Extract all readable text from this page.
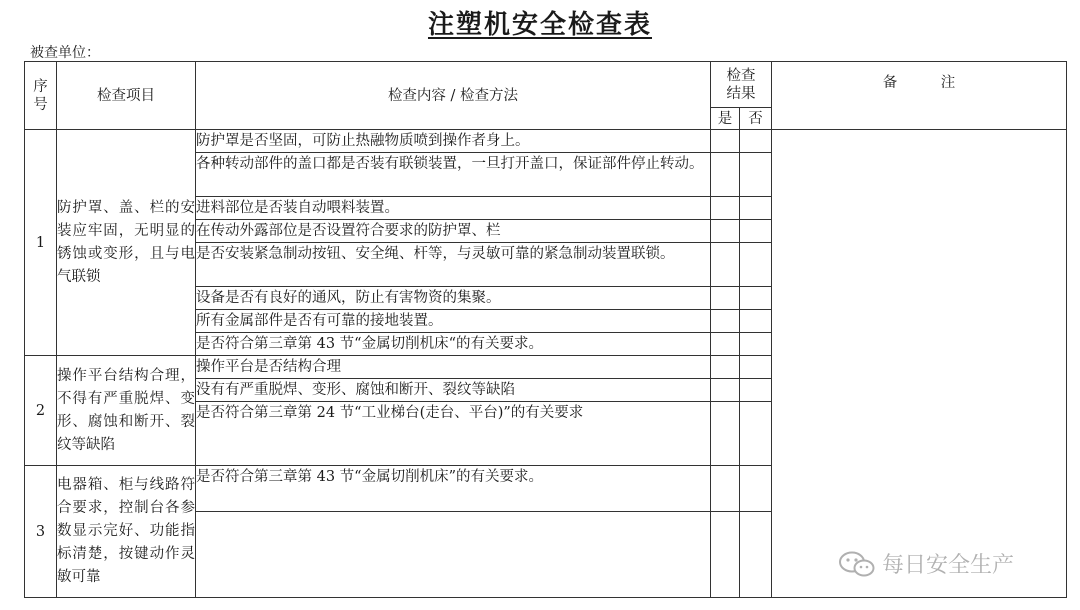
注塑机安全检查表
被查单位：
序号	检查项目	检查内容 / 检查方法	检查结果		备　　　注
			是	否	
1	防护罩、盖、栏的安装应牢固，无明显的锈蚀或变形，且与电气联锁	防护罩是否坚固，可防止热融物质喷到操作者身上。			
		各种转动部件的盖口都是否装有联锁装置，一旦打开盖口，保证部件停止转动。			
		进料部位是否装自动喂料装置。			
		在传动外露部位是否设置符合要求的防护罩、栏			
		是否安装紧急制动按钮、安全绳、杆等，与灵敏可靠的紧急制动装置联锁。			
		设备是否有良好的通风，防止有害物资的集聚。			
		所有金属部件是否有可靠的接地装置。			
		是否符合第三章第 43 节“金属切削机床“的有关要求。			
2	操作平台结构合理，不得有严重脱焊、变形、腐蚀和断开、裂纹等缺陷	操作平台是否结构合理			
		没有有严重脱焊、变形、腐蚀和断开、裂纹等缺陷			
		是否符合第三章第 24 节“工业梯台(走台、平台)”的有关要求			
3	电器箱、柜与线路符合要求，控制台各参数显示完好、功能指标清楚，按键动作灵敏可靠	是否符合第三章第 43 节“金属切削机床”的有关要求。			

每日安全生产
